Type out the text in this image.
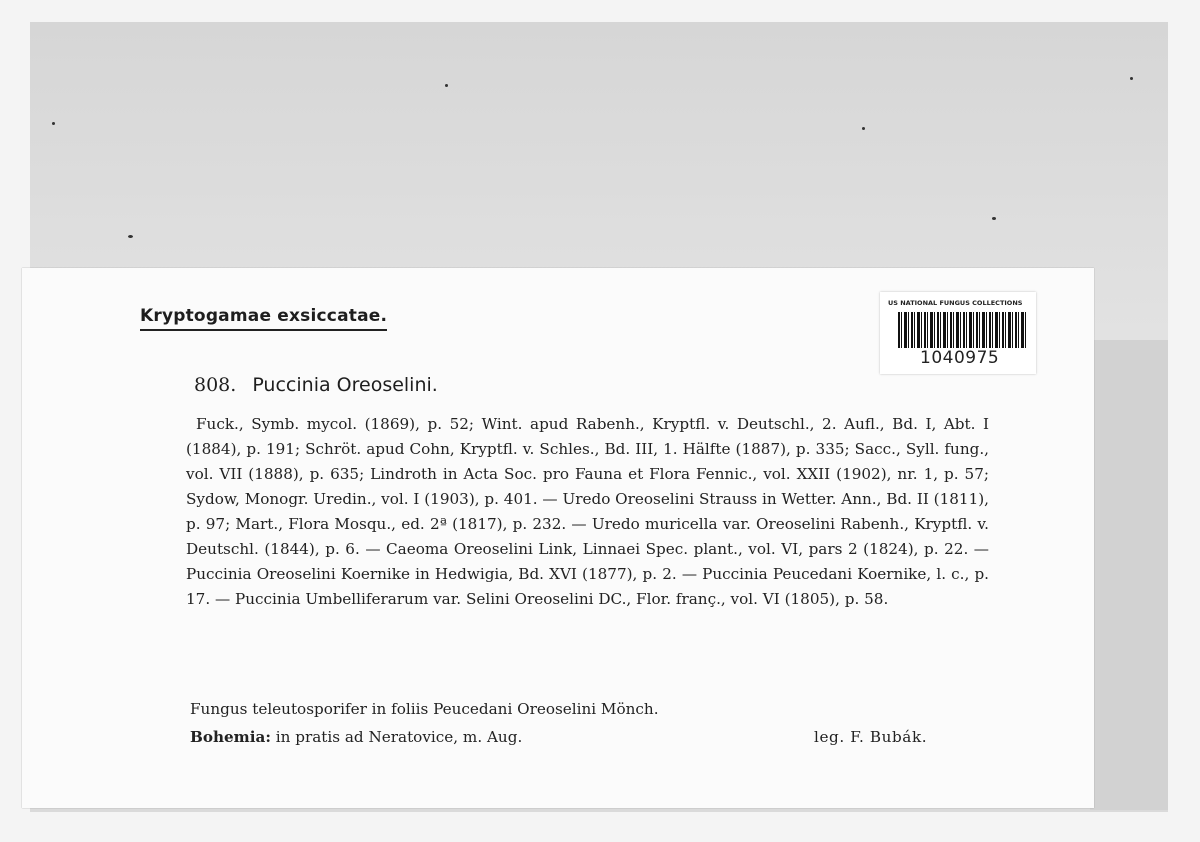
Kryptogamae exsiccatae.
US NATIONAL FUNGUS COLLECTIONS
1040975
808. Puccinia Oreoselini.
Fuck., Symb. mycol. (1869), p. 52; Wint. apud Rabenh., Kryptfl. v. Deutschl., 2. Aufl., Bd. I, Abt. I (1884), p. 191; Schröt. apud Cohn, Kryptfl. v. Schles., Bd. III, 1. Hälfte (1887), p. 335; Sacc., Syll. fung., vol. VII (1888), p. 635; Lindroth in Acta Soc. pro Fauna et Flora Fennic., vol. XXII (1902), nr. 1, p. 57; Sydow, Monogr. Uredin., vol. I (1903), p. 401. — Uredo Oreoselini Strauss in Wetter. Ann., Bd. II (1811), p. 97; Mart., Flora Mosqu., ed. 2ª (1817), p. 232. — Uredo muricella var. Oreoselini Rabenh., Kryptfl. v. Deutschl. (1844), p. 6. — Caeoma Oreoselini Link, Linnaei Spec. plant., vol. VI, pars 2 (1824), p. 22. — Puccinia Oreoselini Koernike in Hedwigia, Bd. XVI (1877), p. 2. — Puccinia Peucedani Koernike, l. c., p. 17. — Puccinia Umbelliferarum var. Selini Oreoselini DC., Flor. franç., vol. VI (1805), p. 58.
Fungus teleutosporifer in foliis Peucedani Oreoselini Mönch.
Bohemia: in pratis ad Neratovice, m. Aug.	leg. F. Bubák.
